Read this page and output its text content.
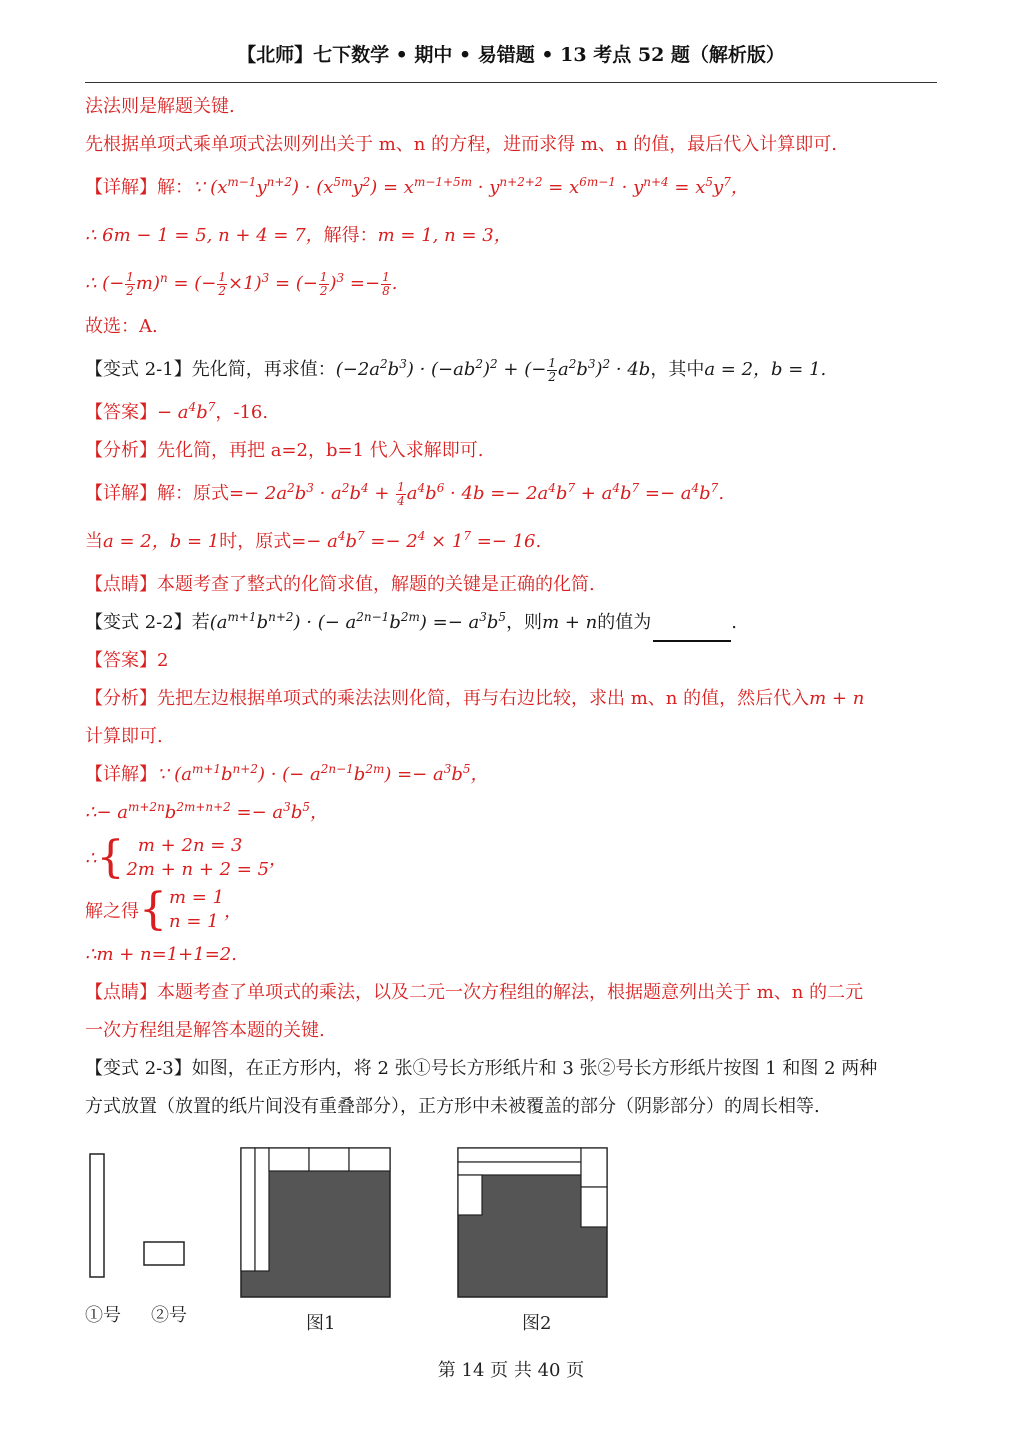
【北师】七下数学 • 期中 • 易错题 • 13 考点 52 题（解析版）
法法则是解题关键.
先根据单项式乘单项式法则列出关于 m、n 的方程，进而求得 m、n 的值，最后代入计算即可.
【详解】解：∵ $(x^{m-1}y^{n+2}) \cdot (x^{5m}y^2) = x^{m-1+5m} \cdot y^{n+2+2} = x^{6m-1} \cdot y^{n+4} = x^5y^7$，
∴ 6m − 1 = 5, n + 4 = 7，解得：m = 1, n = 3，
∴ (− $\frac{1}{2} m)^n$ = (− $\frac{1}{2} \times 1)^3$ = (− $\frac{1}{2} )^3 =- \frac{1}{8}$ .
故选：A.
【变式 2-1】先化简，再求值：$(-2a^2b^3) \cdot (-ab^2)^2$ + (− $\frac{1}{2} a^2b^3)^2 \cdot 4b$，其中a = 2，b = 1.
【答案】− $a^4b^7$，-16.
【分析】先化简，再把 a=2，b=1 代入求解即可.
【详解】解：原式=− $2a^2b^3 \cdot a^2b^4 + \frac{1}{4} a^4b^6 \cdot 4b =- 2a^4b^7 + a^4b^7 =- a^4b^7$.
当a = 2，b = 1时，原式=− $a^4b^7 =- 2^4 \times 1^7 =- 16$.
【点睛】本题考查了整式的化简求值，解题的关键是正确的化简.
【变式 2-2】若$(a^{m+1}b^{n+2})$ · (− $a^{2n-1}b^{2m}) =- a^3b^5$，则m + n的值为	.
【答案】2
【分析】先把左边根据单项式的乘法法则化简，再与右边比较，求出 m、n 的值，然后代入m + n
计算即可.
【详解】∵ $(a^{m+1}b^{n+2})$ · (− $a^{2n-1}b^{2m}) =- a^3b^5$，
∴− $a^{m+2n}b^{2m+n+2} =- a^3b^5$，
∴ { m + 2n = 3
2m + n + 2 = 5 ，
解之得 { m = 1
n = 1 ，
∴m + n=1+1=2.
【点睛】本题考查了单项式的乘法，以及二元一次方程组的解法，根据题意列出关于 m、n 的二元
一次方程组是解答本题的关键.
【变式 2-3】如图，在正方形内，将 2 张①号长方形纸片和 3 张②号长方形纸片按图 1 和图 2 两种
方式放置（放置的纸片间没有重叠部分），正方形中未被覆盖的部分（阴影部分）的周长相等.
①号 ②号	图1	图2
第 14 页 共 40 页
